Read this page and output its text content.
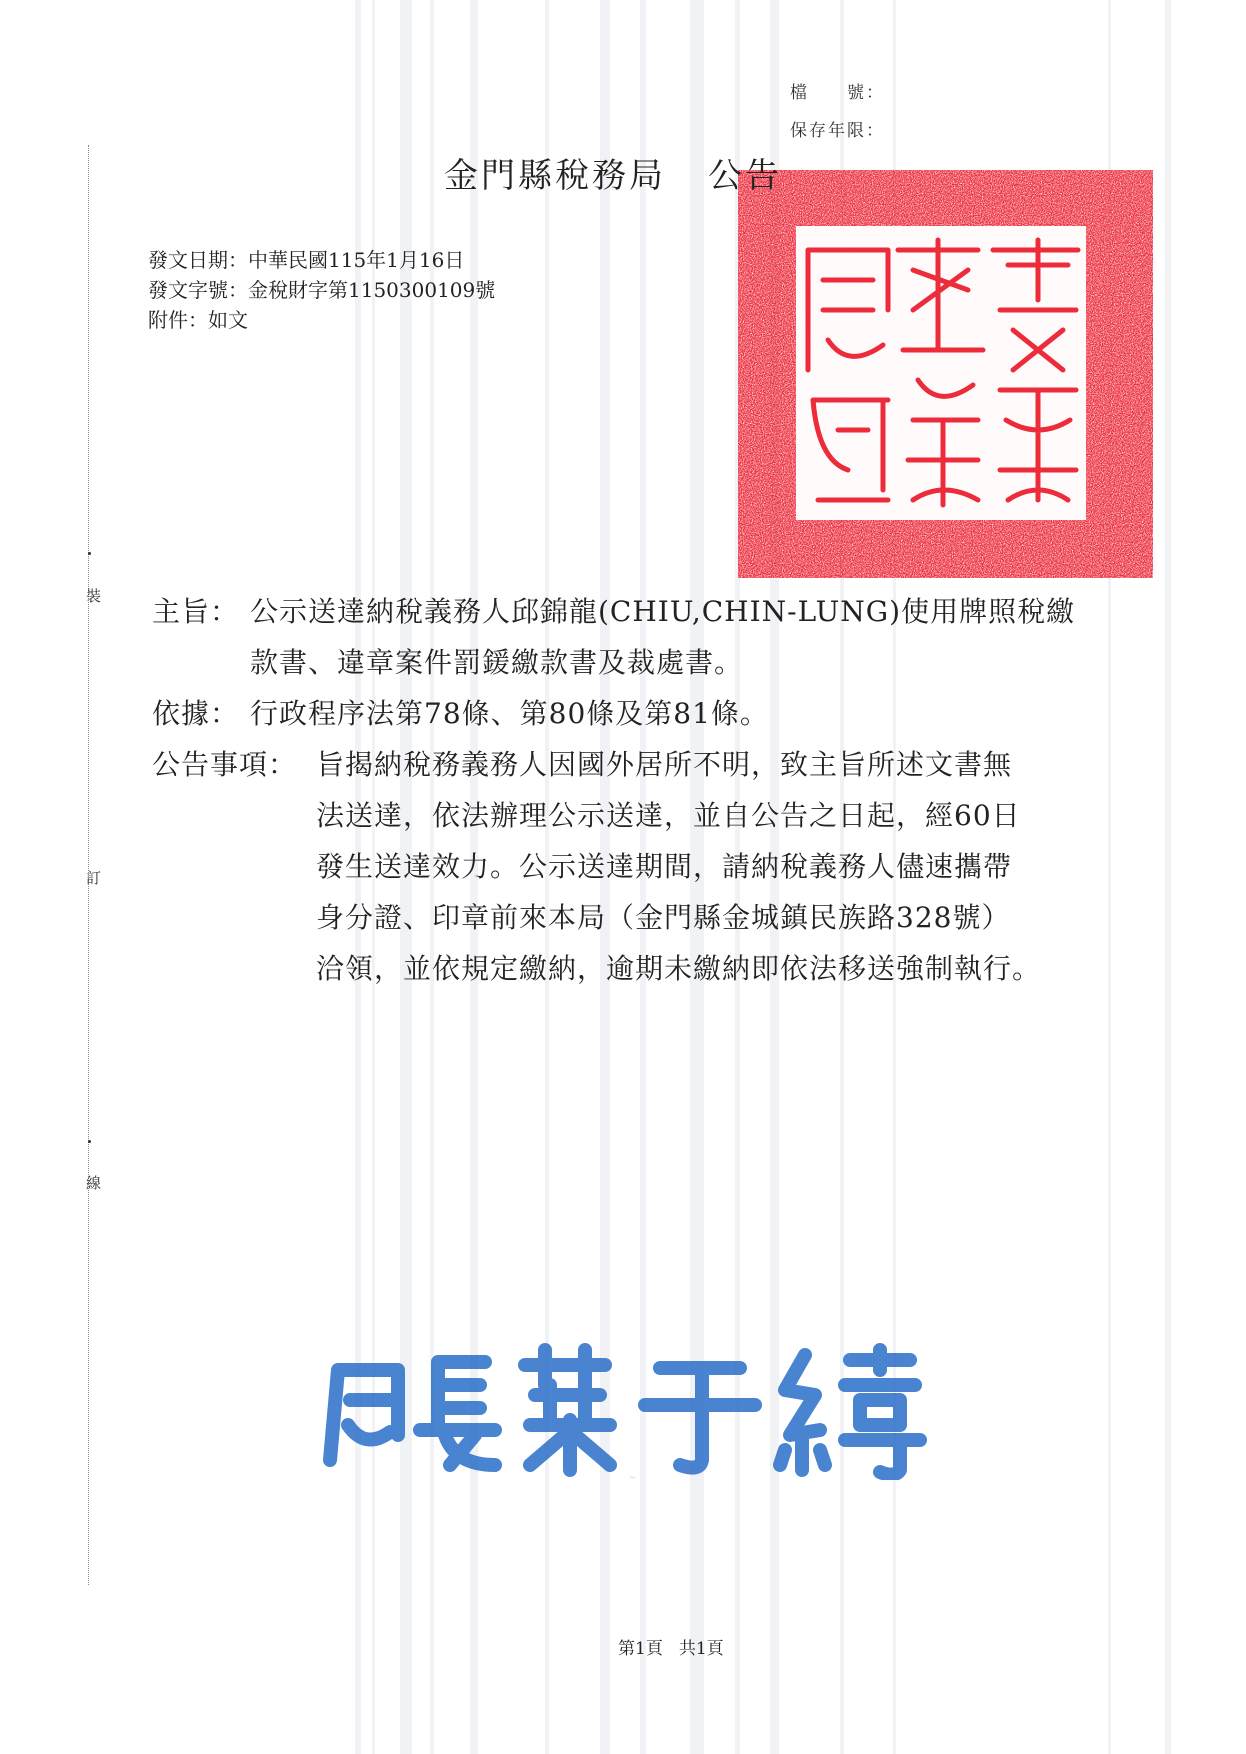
裝
訂
線
檔　　號：
保存年限：
金門縣稅務局印
金門縣稅務局 公告
發文日期：中華民國115年1月16日
發文字號：金稅財字第1150300109號
附件：如文
主旨： 公示送達納稅義務人邱錦龍(CHIU,CHIN-LUNG)使用牌照稅繳
款書、違章案件罰鍰繳款書及裁處書。
依據： 行政程序法第78條、第80條及第81條。
公告事項： 旨揭納稅務義務人因國外居所不明，致主旨所述文書無
法送達，依法辦理公示送達，並自公告之日起，經60日
發生送達效力。公示送達期間，請納稅義務人儘速攜帶
身分證、印章前來本局（金門縣金城鎮民族路328號）
洽領，並依規定繳納，逾期未繳納即依法移送強制執行。
局長葉于綺
第1頁 共1頁
